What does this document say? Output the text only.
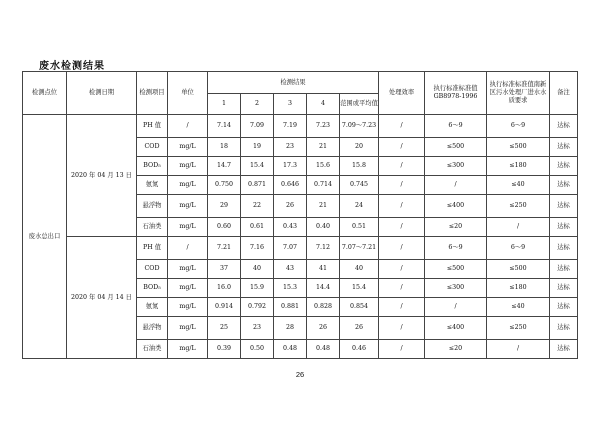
废水检测结果
检测点位	检测日期	检测项目	单位	检测结果					处理效率	执行标准标准值GB8978-1996	执行标准标准值南新区污水处理厂进水水质要求	备注
				1	2	3	4	范围或平均值				
废水总出口	2020 年 04 月 13 日	PH 值	/	7.14	7.09	7.19	7.23	7.09～7.23	/	6～9	6～9	达标
		COD	mg/L	18	19	23	21	20	/	≤500	≤500	达标
		BOD₅	mg/L	14.7	15.4	17.3	15.6	15.8	/	≤300	≤180	达标
		氨氮	mg/L	0.750	0.871	0.646	0.714	0.745	/	/	≤40	达标
		悬浮物	mg/L	29	22	26	21	24	/	≤400	≤250	达标
		石油类	mg/L	0.60	0.61	0.43	0.40	0.51	/	≤20	/	达标
	2020 年 04 月 14 日	PH 值	/	7.21	7.16	7.07	7.12	7.07～7.21	/	6～9	6～9	达标
		COD	mg/L	37	40	43	41	40	/	≤500	≤500	达标
		BOD₅	mg/L	16.0	15.9	15.3	14.4	15.4	/	≤300	≤180	达标
		氨氮	mg/L	0.914	0.792	0.881	0.828	0.854	/	/	≤40	达标
		悬浮物	mg/L	25	23	28	26	26	/	≤400	≤250	达标
		石油类	mg/L	0.39	0.50	0.48	0.48	0.46	/	≤20	/	达标
26
